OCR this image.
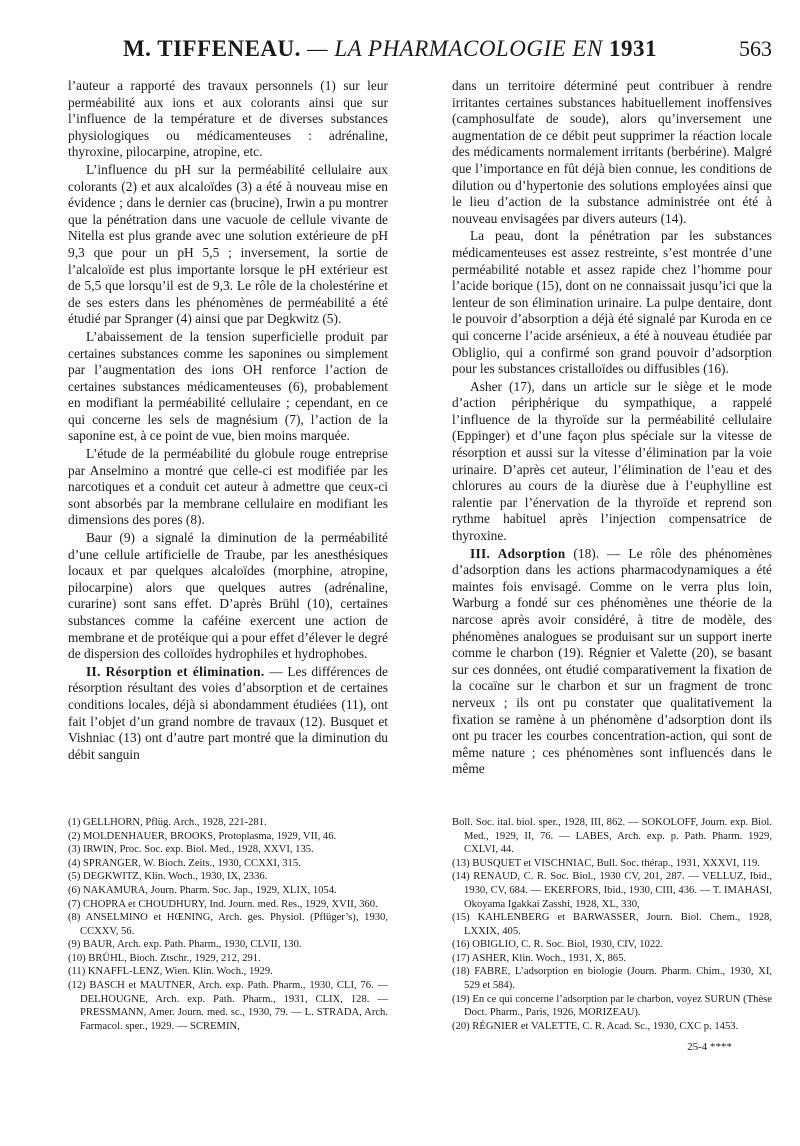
M. TIFFENEAU. — LA PHARMACOLOGIE EN 1931	563

l’auteur a rapporté des travaux personnels (1) sur leur perméabilité aux ions et aux colorants ainsi que sur l’influence de la température et de diverses substances physiologiques ou médicamenteuses : adrénaline, thyroxine, pilocarpine, atropine, etc.

L’influence du pH sur la perméabilité cellulaire aux colorants (2) et aux alcaloïdes (3) a été à nouveau mise en évidence ; dans le dernier cas (brucine), Irwin a pu montrer que la pénétration dans une vacuole de cellule vivante de Nitella est plus grande avec une solution extérieure de pH 9,3 que pour un pH 5,5 ; inversement, la sortie de l’alcaloïde est plus importante lorsque le pH extérieur est de 5,5 que lorsqu’il est de 9,3. Le rôle de la cholestérine et de ses esters dans les phénomènes de perméabilité a été étudié par Spranger (4) ainsi que par Degkwitz (5).

L’abaissement de la tension superficielle produit par certaines substances comme les saponines ou simplement par l’augmentation des ions OH renforce l’action de certaines substances médicamenteuses (6), probablement en modifiant la perméabilité cellulaire ; cependant, en ce qui concerne les sels de magnésium (7), l’action de la saponine est, à ce point de vue, bien moins marquée.

L’étude de la perméabilité du globule rouge entreprise par Anselmino a montré que celle-ci est modifiée par les narcotiques et a conduit cet auteur à admettre que ceux-ci sont absorbés par la membrane cellulaire en modifiant les dimensions des pores (8).

Baur (9) a signalé la diminution de la perméabilité d’une cellule artificielle de Traube, par les anesthésiques locaux et par quelques alcaloïdes (morphine, atropine, pilocarpine) alors que quelques autres (adrénaline, curarine) sont sans effet. D’après Brühl (10), certaines substances comme la caféine exercent une action de membrane et de protéique qui a pour effet d’élever le degré de dispersion des colloïdes hydrophiles et hydrophobes.

II. Résorption et élimination. — Les différences de résorption résultant des voies d’absorption et de certaines conditions locales, déjà si abondamment étudiées (11), ont fait l’objet d’un grand nombre de travaux (12). Busquet et Vishniac (13) ont d’autre part montré que la diminution du débit sanguin

dans un territoire déterminé peut contribuer à rendre irritantes certaines substances habituellement inoffensives (camphosulfate de soude), alors qu’inversement une augmentation de ce débit peut supprimer la réaction locale des médicaments normalement irritants (berbérine). Malgré que l’importance en fût déjà bien connue, les conditions de dilution ou d’hypertonie des solutions employées ainsi que le lieu d’action de la substance administrée ont été à nouveau envisagées par divers auteurs (14).

La peau, dont la pénétration par les substances médicamenteuses est assez restreinte, s’est montrée d’une perméabilité notable et assez rapide chez l’homme pour l’acide borique (15), dont on ne connaissait jusqu’ici que la lenteur de son élimination urinaire. La pulpe dentaire, dont le pouvoir d’absorption a déjà été signalé par Kuroda en ce qui concerne l’acide arsénieux, a été à nouveau étudiée par Obliglio, qui a confirmé son grand pouvoir d’adsorption pour les substances cristalloïdes ou diffusibles (16).

Asher (17), dans un article sur le siège et le mode d’action périphérique du sympathique, a rappelé l’influence de la thyroïde sur la perméabilité cellulaire (Eppinger) et d’une façon plus spéciale sur la vitesse de résorption et aussi sur la vitesse d’élimination par la voie urinaire. D’après cet auteur, l’élimination de l’eau et des chlorures au cours de la diurèse due à l’euphylline est ralentie par l’énervation de la thyroïde et reprend son rythme habituel après l’injection compensatrice de thyroxine.

III. Adsorption (18). — Le rôle des phénomènes d’adsorption dans les actions pharmacodynamiques a été maintes fois envisagé. Comme on le verra plus loin, Warburg a fondé sur ces phénomènes une théorie de la narcose après avoir considéré, à titre de modèle, des phénomènes analogues se produisant sur un support inerte comme le charbon (19). Régnier et Valette (20), se basant sur ces données, ont étudié comparativement la fixation de la cocaïne sur le charbon et sur un fragment de tronc nerveux ; ils ont pu constater que qualitativement la fixation se ramène à un phénomène d’adsorption dont ils ont pu tracer les courbes concentration-action, qui sont de même nature ; ces phénomènes sont influencés dans le même

(1) GELLHORN, Pflüg. Arch., 1928, 221-281.

(2) MOLDENHAUER, BROOKS, Protoplasma, 1929, VII, 46.

(3) IRWIN, Proc. Soc. exp. Biol. Med., 1928, XXVI, 135.

(4) SPRANGER, W. Bioch. Zeits., 1930, CCXXI, 315.

(5) DEGKWITZ, Klin. Woch., 1930, IX, 2336.

(6) NAKAMURA, Journ. Pharm. Soc. Jap., 1929, XLIX, 1054.

(7) CHOPRA et CHOUDHURY, Ind. Journ. med. Res., 1929, XVII, 360.

(8) ANSELMINO et HŒNING, Arch. ges. Physiol. (Pflüger’s), 1930, CCXXV, 56.

(9) BAUR, Arch. exp. Path. Pharm., 1930, CLVII, 130.

(10) BRÜHL, Bioch. Ztschr., 1929, 212, 291.

(11) KNAFFL-LENZ, Wien. Klin. Woch., 1929.

(12) BASCH et MAUTNER, Arch. exp. Path. Pharm., 1930, CLI, 76. — DELHOUGNE, Arch. exp. Path. Pharm., 1931, CLIX, 128. — PRESSMANN, Amer. Journ. med. sc., 1930, 79. — L. STRADA, Arch. Farmacol. sper., 1929. — SCREMIN,

Boll. Soc. ital. biol. sper., 1928, III, 862. — SOKOLOFF, Journ. exp. Biol. Med., 1929, II, 76. — LABES, Arch. exp. p. Path. Pharm. 1929, CXLVI, 44.

(13) BUSQUET et VISCHNIAC, Bull. Soc. thérap., 1931, XXXVI, 119.

(14) RENAUD, C. R. Soc. Biol., 1930 CV, 201, 287. — VELLUZ, Ibid., 1930, CV, 684. — EKERFORS, Ibid., 1930, CIII, 436. — T. IMAHASI, Okoyama Igakkai Zasshi, 1928, XL, 330,

(15) KAHLENBERG et BARWASSER, Journ. Biol. Chem., 1928, LXXIX, 405.

(16) OBIGLIO, C. R. Soc. Biol, 1930, CIV, 1022.

(17) ASHER, Klin. Woch., 1931, X, 865.

(18) FABRE, L’adsorption en biologie (Journ. Pharm. Chim., 1930, XI, 529 et 584).

(19) En ce qui concerne l’adsorption par le charbon, voyez SURUN (Thèse Doct. Pharm., Paris, 1926, MORIZEAU).

(20) RÉGNIER et VALETTE, C. R. Acad. Sc., 1930, CXC p. 1453.

25-4 ****
